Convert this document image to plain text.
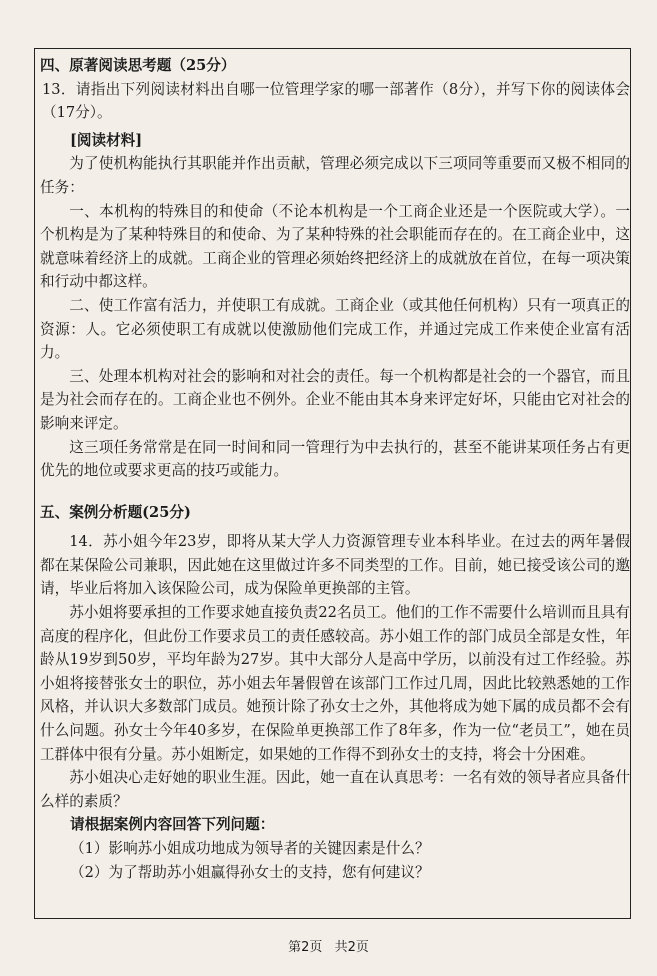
四、原著阅读思考题（25分）

13．请指出下列阅读材料出自哪一位管理学家的哪一部著作（8分），并写下你的阅读体会（17分）。

[阅读材料]

为了使机构能执行其职能并作出贡献，管理必须完成以下三项同等重要而又极不相同的任务：

一、本机构的特殊目的和使命（不论本机构是一个工商企业还是一个医院或大学）。一个机构是为了某种特殊目的和使命、为了某种特殊的社会职能而存在的。在工商企业中，这就意味着经济上的成就。工商企业的管理必须始终把经济上的成就放在首位，在每一项决策和行动中都这样。

二、使工作富有活力，并使职工有成就。工商企业（或其他任何机构）只有一项真正的资源：人。它必须使职工有成就以使激励他们完成工作，并通过完成工作来使企业富有活力。

三、处理本机构对社会的影响和对社会的责任。每一个机构都是社会的一个器官，而且是为社会而存在的。工商企业也不例外。企业不能由其本身来评定好坏，只能由它对社会的影响来评定。

这三项任务常常是在同一时间和同一管理行为中去执行的，甚至不能讲某项任务占有更优先的地位或要求更高的技巧或能力。

五、案例分析题(25分)

14．苏小姐今年23岁，即将从某大学人力资源管理专业本科毕业。在过去的两年暑假都在某保险公司兼职，因此她在这里做过许多不同类型的工作。目前，她已接受该公司的邀请，毕业后将加入该保险公司，成为保险单更换部的主管。

苏小姐将要承担的工作要求她直接负责22名员工。他们的工作不需要什么培训而且具有高度的程序化，但此份工作要求员工的责任感较高。苏小姐工作的部门成员全部是女性，年龄从19岁到50岁，平均年龄为27岁。其中大部分人是高中学历，以前没有过工作经验。苏小姐将接替张女士的职位，苏小姐去年暑假曾在该部门工作过几周，因此比较熟悉她的工作风格，并认识大多数部门成员。她预计除了孙女士之外，其他将成为她下属的成员都不会有什么问题。孙女士今年40多岁，在保险单更换部工作了8年多，作为一位“老员工”，她在员工群体中很有分量。苏小姐断定，如果她的工作得不到孙女士的支持，将会十分困难。

苏小姐决心走好她的职业生涯。因此，她一直在认真思考：一名有效的领导者应具备什么样的素质？

请根据案例内容回答下列问题：

（1）影响苏小姐成功地成为领导者的关键因素是什么？

（2）为了帮助苏小姐赢得孙女士的支持，您有何建议？

第2页 共2页
